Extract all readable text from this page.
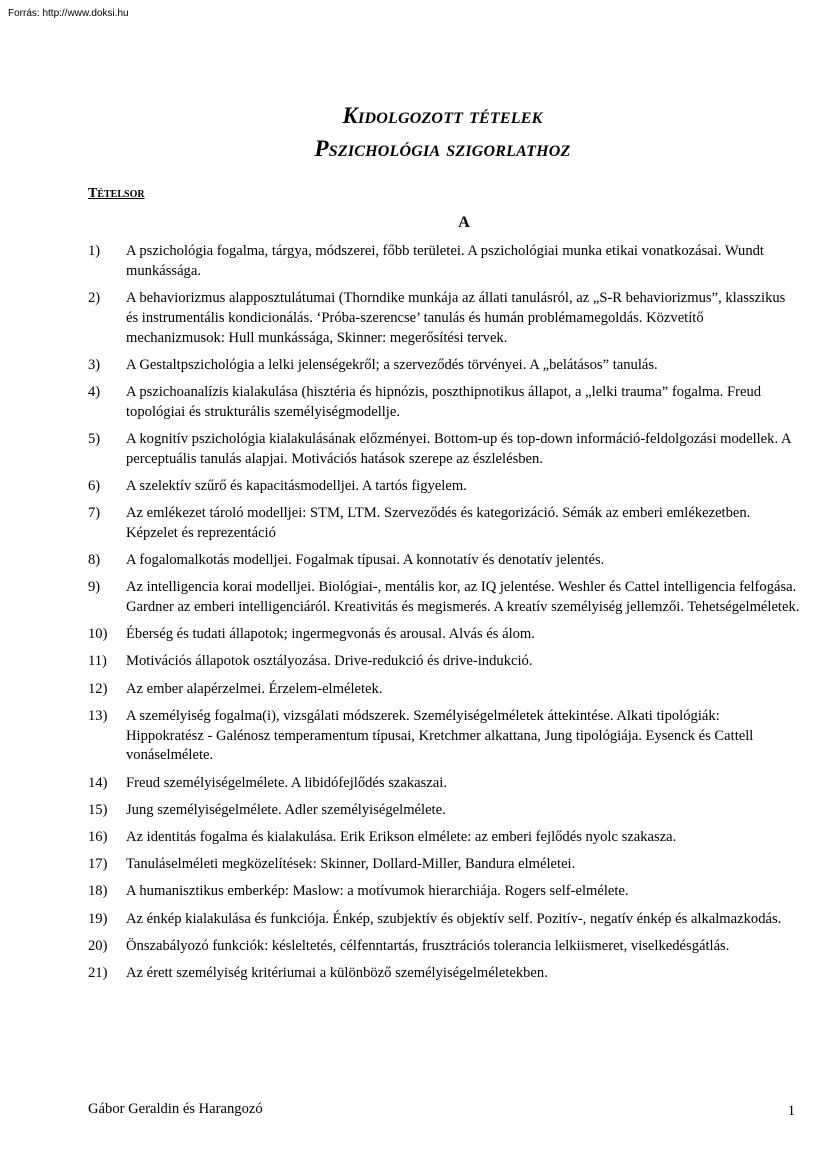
Forrás: http://www.doksi.hu
Kidolgozott tételek
Pszichológia szigorlathoz
Tételsor
A
1)	A pszichológia fogalma, tárgya, módszerei, főbb területei. A pszichológiai munka etikai vonatkozásai. Wundt munkássága.
2)	A behaviorizmus alapposztulátumai (Thorndike munkája az állati tanulásról, az „S-R behaviorizmus”, klasszikus és instrumentális kondicionálás. ‘Próba-szerencse’ tanulás és humán problémamegoldás. Közvetítő mechanizmusok: Hull munkássága, Skinner: megerősítési tervek.
3)	A Gestaltpszichológia a lelki jelenségekről; a szerveződés törvényei. A „belátásos” tanulás.
4)	A pszichoanalízis kialakulása (hisztéria és hipnózis, poszthipnotikus állapot, a „lelki trauma” fogalma. Freud topológiai és strukturális személyiségmodellje.
5)	A kognitív pszichológia kialakulásának előzményei. Bottom-up és top-down információ-feldolgozási modellek. A perceptuális tanulás alapjai. Motivációs hatások szerepe az észlelésben.
6)	A szelektív szűrő és kapacitásmodelljei. A tartós figyelem.
7)	Az emlékezet tároló modelljei: STM, LTM. Szerveződés és kategorizáció. Sémák az emberi emlékezetben. Képzelet és reprezentáció
8)	A fogalomalkotás modelljei. Fogalmak típusai. A konnotatív és denotatív jelentés.
9)	Az intelligencia korai modelljei. Biológiai-, mentális kor, az IQ jelentése. Weshler és Cattel intelligencia felfogása. Gardner az emberi intelligenciáról. Kreativitás és megismerés. A kreatív személyiség jellemzői. Tehetségelméletek.
10)	Éberség és tudati állapotok; ingermegvonás és arousal. Alvás és álom.
11)	Motivációs állapotok osztályozása. Drive-redukció és drive-indukció.
12)	Az ember alapérzelmei. Érzelem-elméletek.
13)	A személyiség fogalma(i), vizsgálati módszerek. Személyiségelméletek áttekintése. Alkati tipológiák: Hippokratész - Galénosz temperamentum típusai, Kretchmer alkattana, Jung tipológiája. Eysenck és Cattell vonáselmélete.
14)	Freud személyiségelmélete. A libidófejlődés szakaszai.
15)	Jung személyiségelmélete. Adler személyiségelmélete.
16)	Az identitás fogalma és kialakulása. Erik Erikson elmélete: az emberi fejlődés nyolc szakasza.
17)	Tanuláselméleti megközelítések: Skinner, Dollard-Miller, Bandura elméletei.
18)	A humanisztikus emberkép: Maslow: a motívumok hierarchiája. Rogers self-elmélete.
19)	Az énkép kialakulása és funkciója. Énkép, szubjektív és objektív self. Pozitív-, negatív énkép és alkalmazkodás.
20)	Önszabályozó funkciók: késleltetés, célfenntartás, frusztrációs tolerancia lelkiismeret, viselkedésgátlás.
21)	Az érett személyiség kritériumai a különböző személyiségelméletekben.
Gábor Geraldin és Harangozó	1
